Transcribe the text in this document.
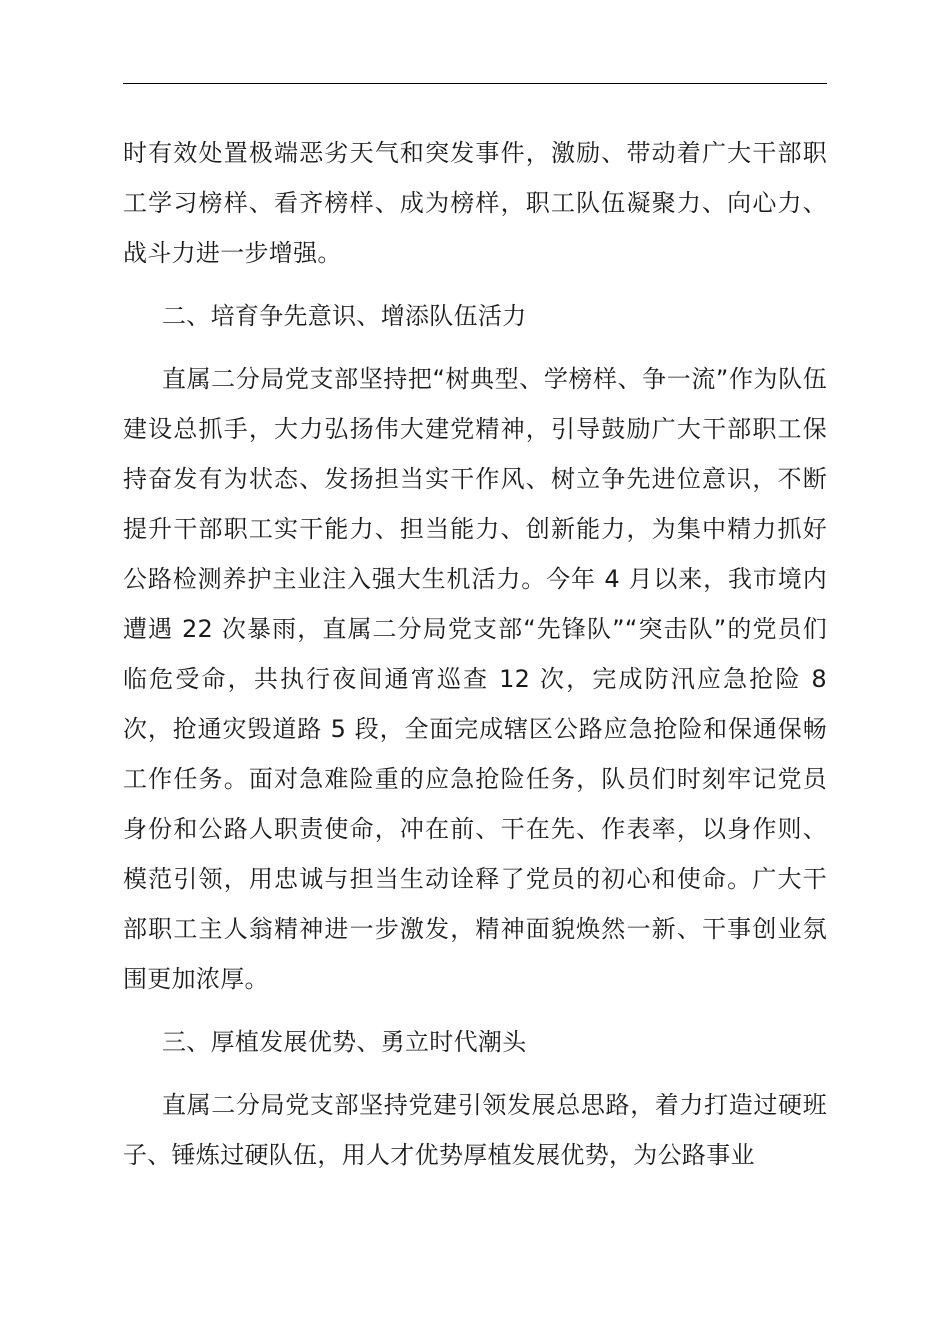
时有效处置极端恶劣天气和突发事件，激励、带动着广大干部职工学习榜样、看齐榜样、成为榜样，职工队伍凝聚力、向心力、战斗力进一步增强。

二、培育争先意识、增添队伍活力

直属二分局党支部坚持把“树典型、学榜样、争一流”作为队伍建设总抓手，大力弘扬伟大建党精神，引导鼓励广大干部职工保持奋发有为状态、发扬担当实干作风、树立争先进位意识，不断提升干部职工实干能力、担当能力、创新能力，为集中精力抓好公路检测养护主业注入强大生机活力。今年 4 月以来，我市境内遭遇 22 次暴雨，直属二分局党支部“先锋队”“突击队”的党员们临危受命，共执行夜间通宵巡查 12 次，完成防汛应急抢险 8 次，抢通灾毁道路 5 段，全面完成辖区公路应急抢险和保通保畅工作任务。面对急难险重的应急抢险任务，队员们时刻牢记党员身份和公路人职责使命，冲在前、干在先、作表率，以身作则、模范引领，用忠诚与担当生动诠释了党员的初心和使命。广大干部职工主人翁精神进一步激发，精神面貌焕然一新、干事创业氛围更加浓厚。

三、厚植发展优势、勇立时代潮头

直属二分局党支部坚持党建引领发展总思路，着力打造过硬班子、锤炼过硬队伍，用人才优势厚植发展优势，为公路事业
